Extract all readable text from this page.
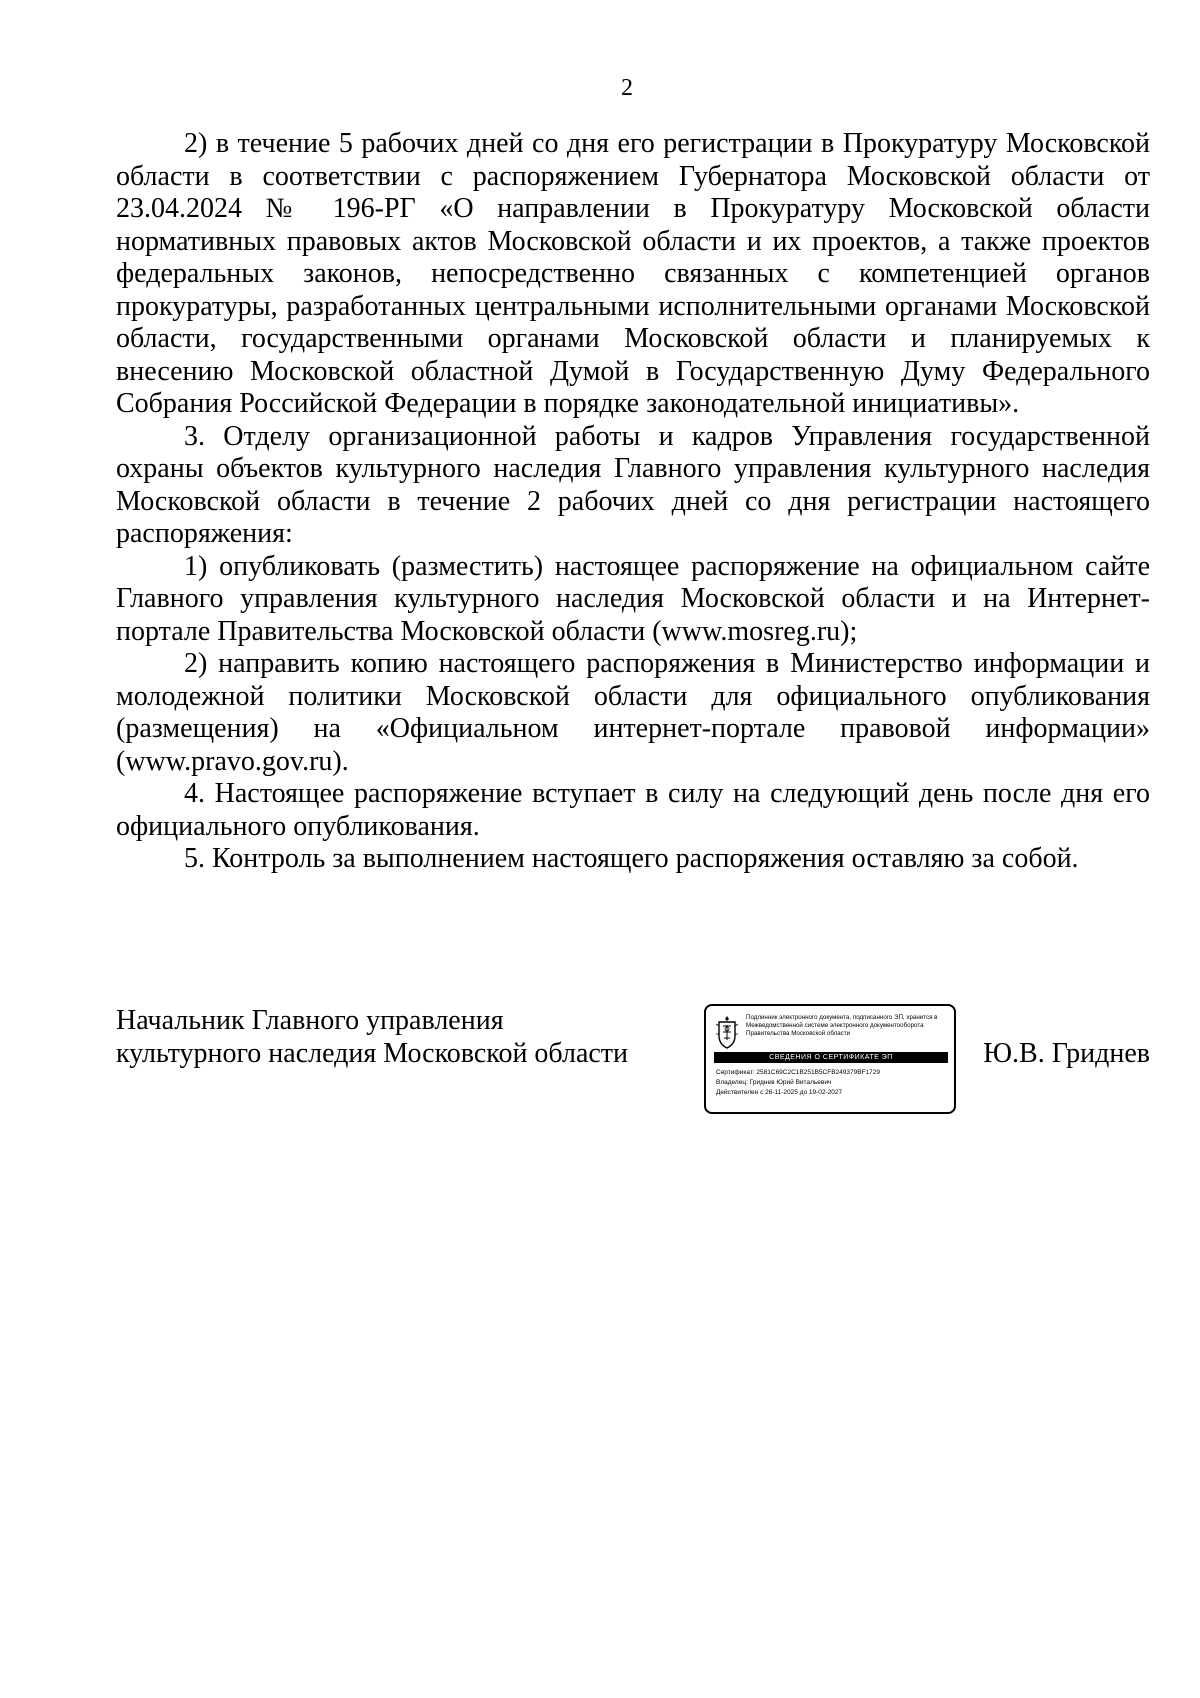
2

2) в течение 5 рабочих дней со дня его регистрации в Прокуратуру Московской области в соответствии с распоряжением Губернатора Московской области от 23.04.2024 № 196-РГ «О направлении в Прокуратуру Московской области нормативных правовых актов Московской области и их проектов, а также проектов федеральных законов, непосредственно связанных с компетенцией органов прокуратуры, разработанных центральными исполнительными органами Московской области, государственными органами Московской области и планируемых к внесению Московской областной Думой в Государственную Думу Федерального Собрания Российской Федерации в порядке законодательной инициативы».

3. Отделу организационной работы и кадров Управления государственной охраны объектов культурного наследия Главного управления культурного наследия Московской области в течение 2 рабочих дней со дня регистрации настоящего распоряжения:

1) опубликовать (разместить) настоящее распоряжение на официальном сайте Главного управления культурного наследия Московской области и на Интернет-портале Правительства Московской области (www.mosreg.ru);

2) направить копию настоящего распоряжения в Министерство информации и молодежной политики Московской области для официального опубликования (размещения) на «Официальном интернет-портале правовой информации» (www.pravo.gov.ru).

4. Настоящее распоряжение вступает в силу на следующий день после дня его официального опубликования.

5. Контроль за выполнением настоящего распоряжения оставляю за собой.

Начальник Главного управления
культурного наследия Московской области
Подлинник электронного документа, подписанного ЭП, хранится в Межведомственной системе электронного документооборота Правительства Московской области
СВЕДЕНИЯ О СЕРТИФИКАТЕ ЭП
Сертификат: 2581C69C2C1B251B5CFB249379BF1729
Владелец: Гриднев Юрий Витальевич
Действителен с 26-11-2025 до 19-02-2027
Ю.В. Гриднев
